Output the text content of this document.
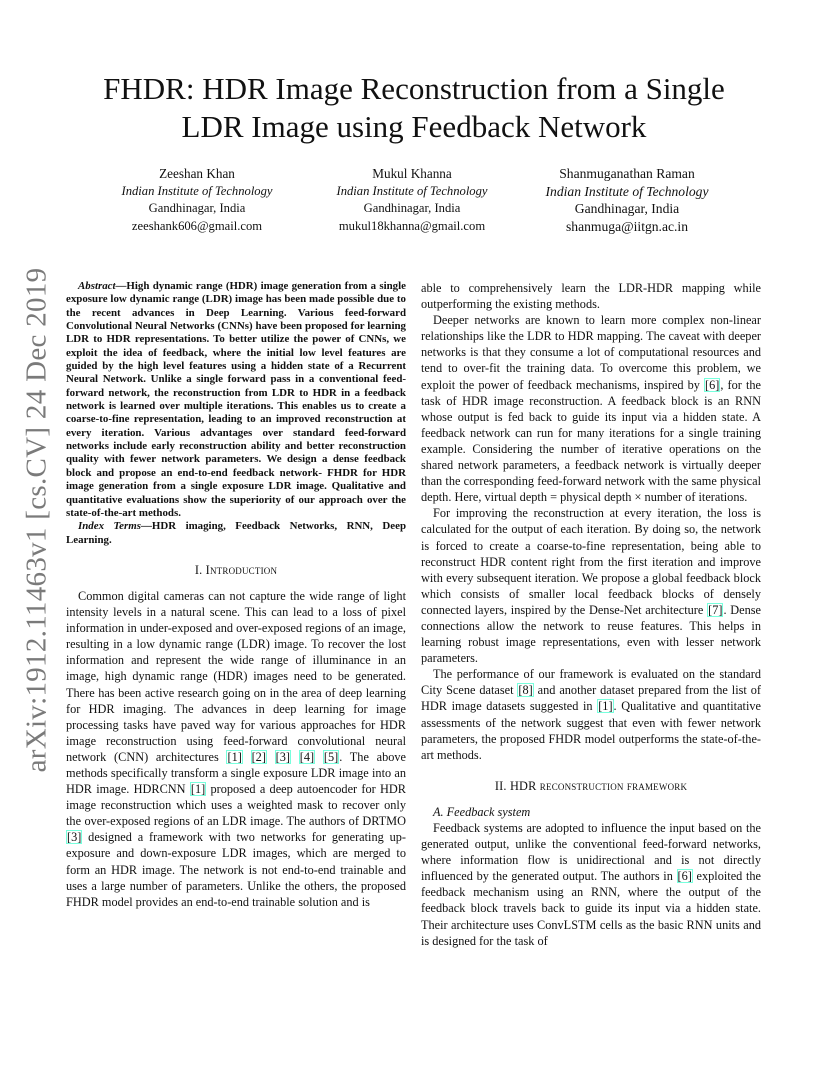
arXiv:1912.11463v1 [cs.CV] 24 Dec 2019
FHDR: HDR Image Reconstruction from a Single
LDR Image using Feedback Network
Zeeshan Khan
Indian Institute of Technology
Gandhinagar, India
zeeshank606@gmail.com
Mukul Khanna
Indian Institute of Technology
Gandhinagar, India
mukul18khanna@gmail.com
Shanmuganathan Raman
Indian Institute of Technology
Gandhinagar, India
shanmuga@iitgn.ac.in

Abstract—High dynamic range (HDR) image generation from a single exposure low dynamic range (LDR) image has been made possible due to the recent advances in Deep Learning. Various feed-forward Convolutional Neural Networks (CNNs) have been proposed for learning LDR to HDR representations. To better utilize the power of CNNs, we exploit the idea of feedback, where the initial low level features are guided by the high level features using a hidden state of a Recurrent Neural Network. Unlike a single forward pass in a conventional feed-forward network, the reconstruction from LDR to HDR in a feedback network is learned over multiple iterations. This enables us to create a coarse-to-fine representation, leading to an improved reconstruction at every iteration. Various advantages over standard feed-forward networks include early reconstruction ability and better reconstruction quality with fewer network parameters. We design a dense feedback block and propose an end-to-end feedback network- FHDR for HDR image generation from a single exposure LDR image. Qualitative and quantitative evaluations show the superiority of our approach over the state-of-the-art methods.

Index Terms—HDR imaging, Feedback Networks, RNN, Deep Learning.

I. Introduction

Common digital cameras can not capture the wide range of light intensity levels in a natural scene. This can lead to a loss of pixel information in under-exposed and over-exposed regions of an image, resulting in a low dynamic range (LDR) image. To recover the lost information and represent the wide range of illuminance in an image, high dynamic range (HDR) images need to be generated. There has been active research going on in the area of deep learning for HDR imaging. The advances in deep learning for image processing tasks have paved way for various approaches for HDR image reconstruction using feed-forward convolutional neural network (CNN) architectures [1] [2] [3] [4] [5]. The above methods specifically transform a single exposure LDR image into an HDR image. HDRCNN [1] proposed a deep autoencoder for HDR image reconstruction which uses a weighted mask to recover only the over-exposed regions of an LDR image. The authors of DRTMO [3] designed a framework with two networks for generating up-exposure and down-exposure LDR images, which are merged to form an HDR image. The network is not end-to-end trainable and uses a large number of parameters. Unlike the others, the proposed FHDR model provides an end-to-end trainable solution and is

able to comprehensively learn the LDR-HDR mapping while outperforming the existing methods.

Deeper networks are known to learn more complex non-linear relationships like the LDR to HDR mapping. The caveat with deeper networks is that they consume a lot of computational resources and tend to over-fit the training data. To overcome this problem, we exploit the power of feedback mechanisms, inspired by [6], for the task of HDR image reconstruction. A feedback block is an RNN whose output is fed back to guide its input via a hidden state. A feedback network can run for many iterations for a single training example. Considering the number of iterative operations on the shared network parameters, a feedback network is virtually deeper than the corresponding feed-forward network with the same physical depth. Here, virtual depth = physical depth × number of iterations.

For improving the reconstruction at every iteration, the loss is calculated for the output of each iteration. By doing so, the network is forced to create a coarse-to-fine representation, being able to reconstruct HDR content right from the first iteration and improve with every subsequent iteration. We propose a global feedback block which consists of smaller local feedback blocks of densely connected layers, inspired by the Dense-Net architecture [7]. Dense connections allow the network to reuse features. This helps in learning robust image representations, even with lesser network parameters.

The performance of our framework is evaluated on the standard City Scene dataset [8] and another dataset prepared from the list of HDR image datasets suggested in [1]. Qualitative and quantitative assessments of the network suggest that even with fewer network parameters, the proposed FHDR model outperforms the state-of-the-art methods.

II. HDR reconstruction framework

A. Feedback system

Feedback systems are adopted to influence the input based on the generated output, unlike the conventional feed-forward networks, where information flow is unidirectional and is not directly influenced by the generated output. The authors in [6] exploited the feedback mechanism using an RNN, where the output of the feedback block travels back to guide its input via a hidden state. Their architecture uses ConvLSTM cells as the basic RNN units and is designed for the task of
